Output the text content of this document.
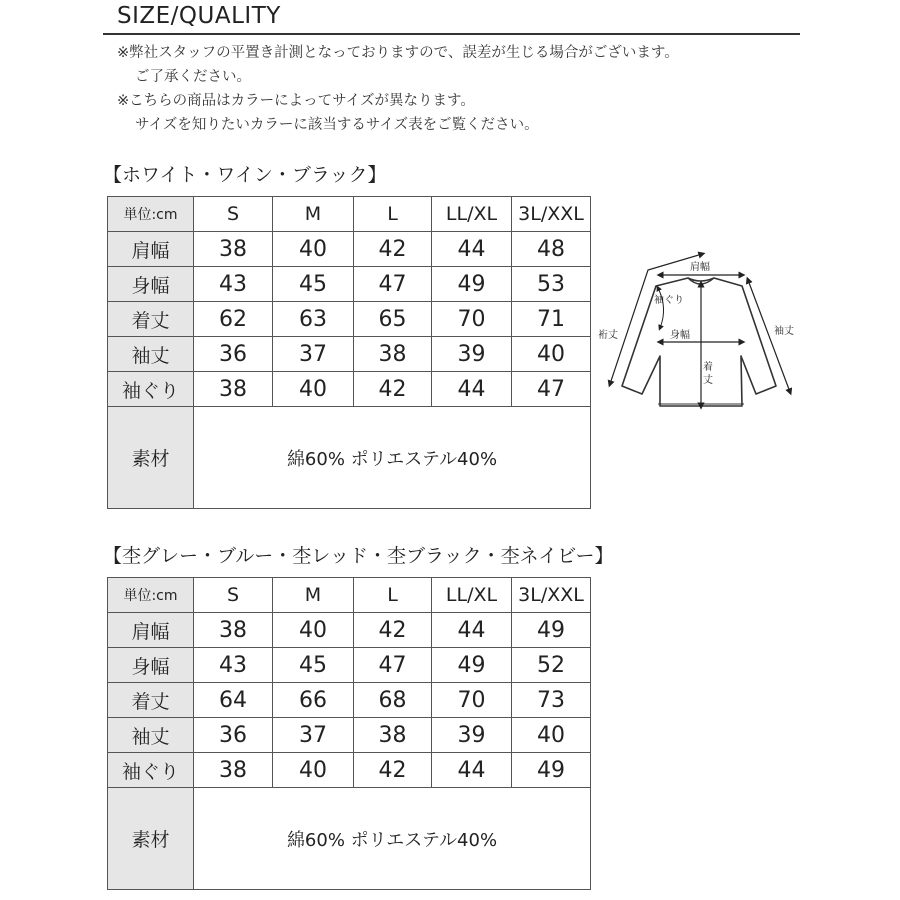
SIZE/QUALITY
※弊社スタッフの平置き計測となっておりますので、誤差が生じる場合がございます。
ご了承ください。
※こちらの商品はカラーによってサイズが異なります。
サイズを知りたいカラーに該当するサイズ表をご覧ください。
【ホワイト・ワイン・ブラック】
単位:cm	S	M	L	LL/XL	3L/XXL
肩幅	38	40	42	44	48
身幅	43	45	47	49	53
着丈	62	63	65	70	71
袖丈	36	37	38	39	40
袖ぐり	38	40	42	44	47
素材	綿60% ポリエステル40%				
肩幅
裄丈
袖ぐり
身幅
着
丈
袖丈
【杢グレー・ブルー・杢レッド・杢ブラック・杢ネイビー】
単位:cm	S	M	L	LL/XL	3L/XXL
肩幅	38	40	42	44	49
身幅	43	45	47	49	52
着丈	64	66	68	70	73
袖丈	36	37	38	39	40
袖ぐり	38	40	42	44	49
素材	綿60% ポリエステル40%				
